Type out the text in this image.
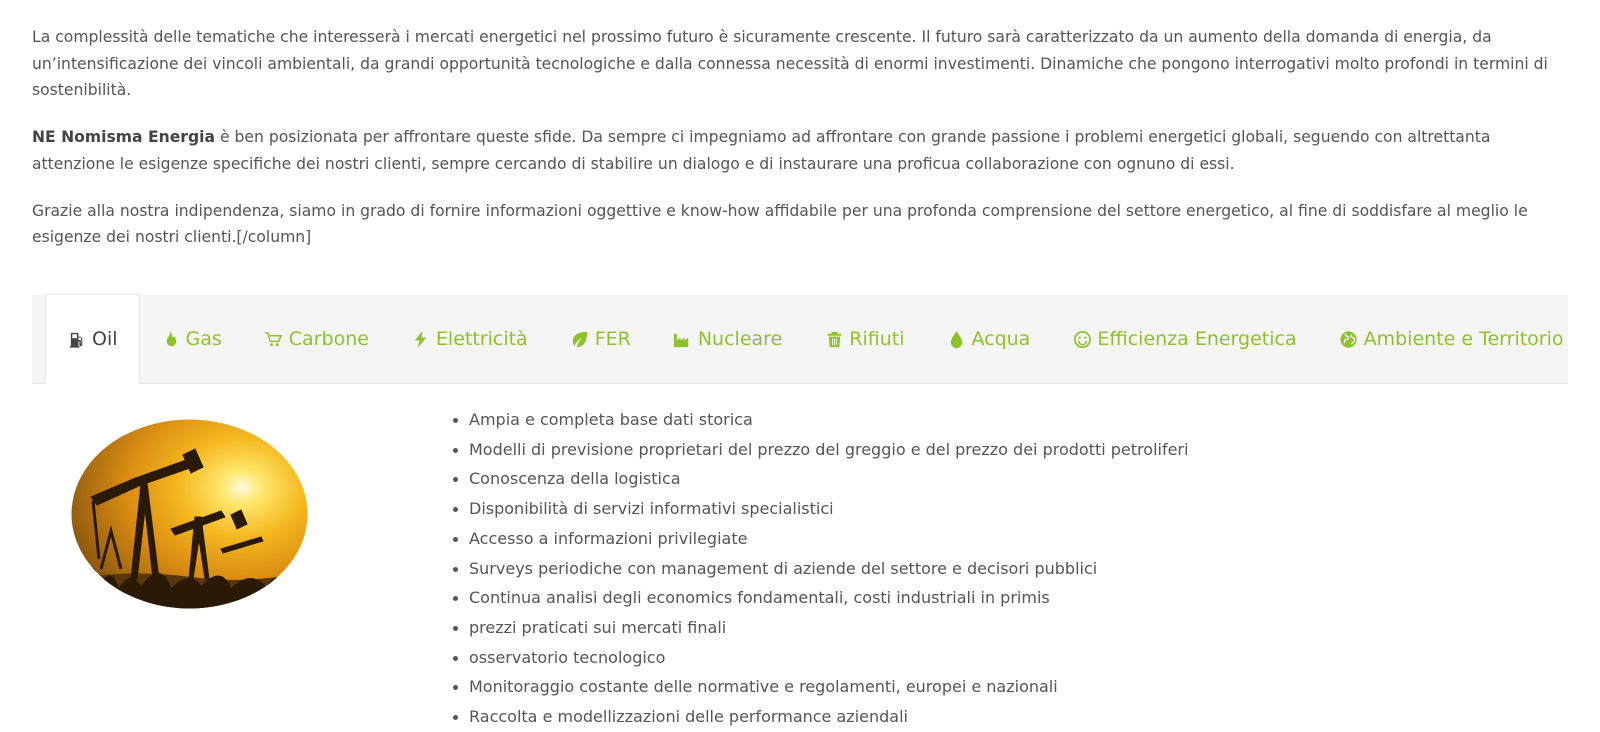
La complessità delle tematiche che interesserà i mercati energetici nel prossimo futuro è sicuramente crescente. Il futuro sarà caratterizzato da un aumento della domanda di energia, da un’intensificazione dei vincoli ambientali, da grandi opportunità tecnologiche e dalla connessa necessità di enormi investimenti. Dinamiche che pongono interrogativi molto profondi in termini di sostenibilità.

NE Nomisma Energia è ben posizionata per affrontare queste sfide. Da sempre ci impegniamo ad affrontare con grande passione i problemi energetici globali, seguendo con altrettanta attenzione le esigenze specifiche dei nostri clienti, sempre cercando di stabilire un dialogo e di instaurare una proficua collaborazione con ognuno di essi.

Grazie alla nostra indipendenza, siamo in grado di fornire informazioni oggettive e know-how affidabile per una profonda comprensione del settore energetico, al fine di soddisfare al meglio le esigenze dei nostri clienti.[/column]

Oil	Gas	Carbone	Elettricità	FER	Nucleare	Rifiuti	Acqua	Efficienza Energetica	Ambiente e Territorio
Ampia e completa base dati storica
Modelli di previsione proprietari del prezzo del greggio e del prezzo dei prodotti petroliferi
Conoscenza della logistica
Disponibilità di servizi informativi specialistici
Accesso a informazioni privilegiate
Surveys periodiche con management di aziende del settore e decisori pubblici
Continua analisi degli economics fondamentali, costi industriali in primis
prezzi praticati sui mercati finali
osservatorio tecnologico
Monitoraggio costante delle normative e regolamenti, europei e nazionali
Raccolta e modellizzazioni delle performance aziendali
